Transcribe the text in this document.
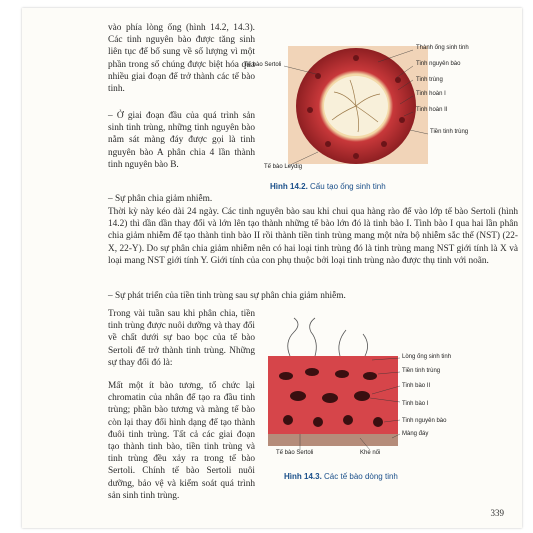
vào phía lòng ống (hình 14.2, 14.3). Các tinh nguyên bào được tăng sinh liên tục để bổ sung về số lượng vì một phần trong số chúng được biệt hóa qua nhiều giai đoạn để trở thành các tế bào tinh.
– Ở giai đoạn đầu của quá trình sản sinh tinh trùng, những tinh nguyên bào nằm sát màng đáy được gọi là tinh nguyên bào A phân chia 4 lần thành tinh nguyên bào B.
Tế bào Sertoli
Thành ống sinh tinh
Tinh nguyên bào
Tinh trùng
Tinh hoàn I
Tinh hoàn II
Tiền tinh trùng
Tế bào Leydig
Hình 14.2. Cấu tạo ống sinh tinh
– Sự phân chia giảm nhiễm.
Thời kỳ này kéo dài 24 ngày. Các tinh nguyên bào sau khi chui qua hàng rào để vào lớp tế bào Sertoli (hình 14.2) thì dần dần thay đổi và lớn lên tạo thành những tế bào lớn đó là tinh bào I. Tinh bào I qua hai lần phân chia giảm nhiễm để tạo thành tinh bào II rồi thành tiền tinh trùng mang một nửa bộ nhiễm sắc thể (NST) (22-X, 22-Y). Do sự phân chia giảm nhiễm nên có hai loại tinh trùng đó là tinh trùng mang NST giới tính là X và loại mang NST giới tính Y. Giới tính của con phụ thuộc bởi loại tinh trùng nào được thụ tinh với noãn.
– Sự phát triển của tiền tinh trùng sau sự phân chia giảm nhiễm.
Trong vài tuần sau khi phân chia, tiền tinh trùng được nuôi dưỡng và thay đổi về chất dưới sự bao bọc của tế bào Sertoli để trở thành tinh trùng. Những sự thay đổi đó là:
Mất một ít bào tương, tổ chức lại chromatin của nhân để tạo ra đầu tinh trùng; phần bào tương và màng tế bào còn lại thay đổi hình dạng để tạo thành đuôi tinh trùng. Tất cả các giai đoạn tạo thành tinh bào, tiền tinh trùng và tinh trùng đều xảy ra trong tế bào Sertoli. Chính tế bào Sertoli nuôi dưỡng, bảo vệ và kiểm soát quá trình sản sinh tinh trùng.
Lòng ống sinh tinh
Tiền tinh trùng
Tinh bào II
Tinh bào I
Tinh nguyên bào
Màng đáy
Tế bào Sertoli	Khe nối
Hình 14.3. Các tế bào dòng tinh
339
